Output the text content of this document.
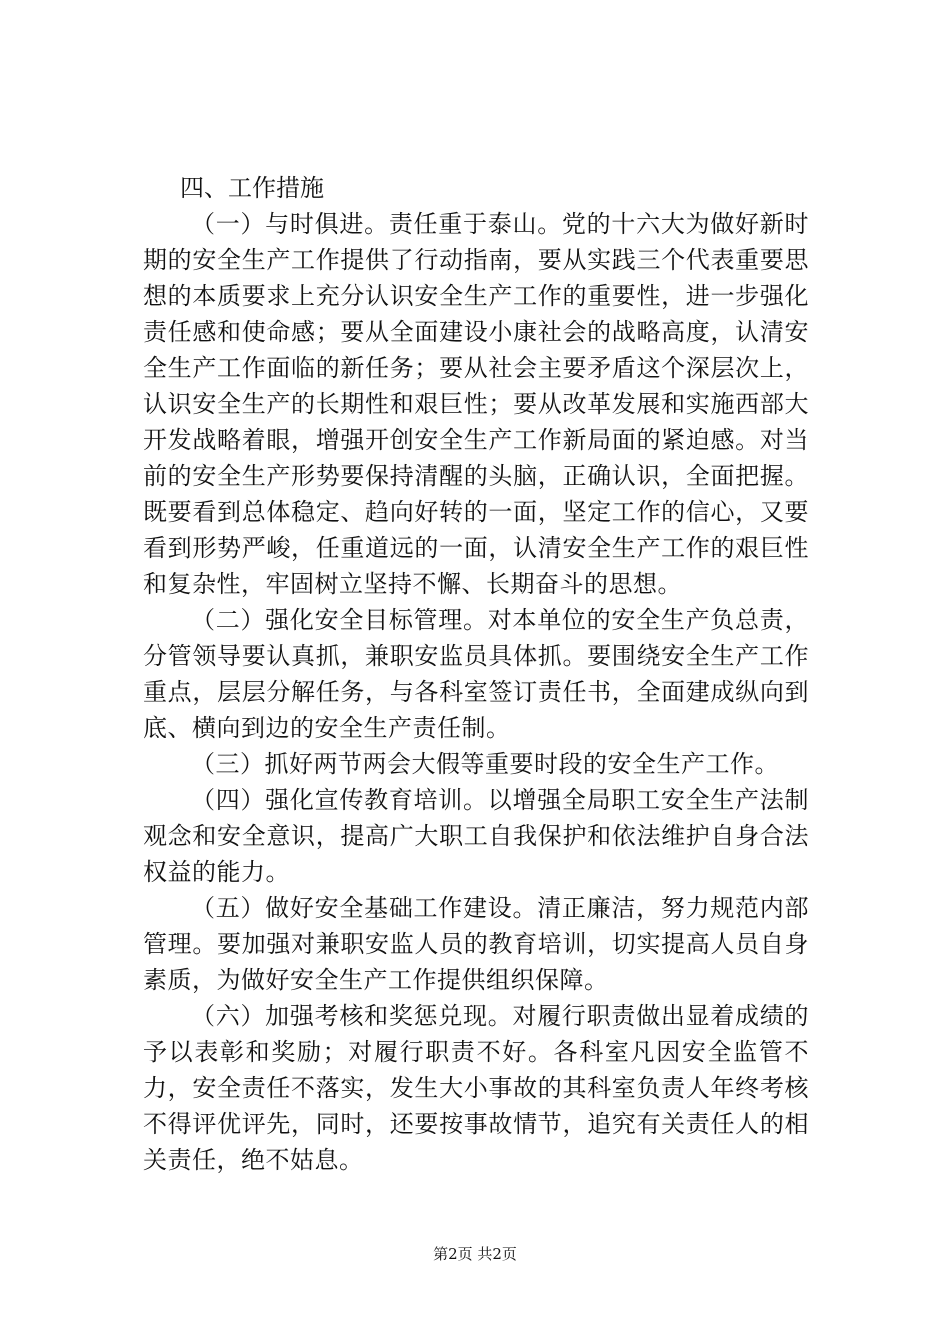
四、工作措施

（一）与时俱进。责任重于泰山。党的十六大为做好新时期的安全生产工作提供了行动指南，要从实践三个代表重要思想的本质要求上充分认识安全生产工作的重要性，进一步强化责任感和使命感；要从全面建设小康社会的战略高度，认清安全生产工作面临的新任务；要从社会主要矛盾这个深层次上，认识安全生产的长期性和艰巨性；要从改革发展和实施西部大开发战略着眼，增强开创安全生产工作新局面的紧迫感。对当前的安全生产形势要保持清醒的头脑，正确认识，全面把握。既要看到总体稳定、趋向好转的一面，坚定工作的信心，又要看到形势严峻，任重道远的一面，认清安全生产工作的艰巨性和复杂性，牢固树立坚持不懈、长期奋斗的思想。

（二）强化安全目标管理。对本单位的安全生产负总责，分管领导要认真抓，兼职安监员具体抓。要围绕安全生产工作重点，层层分解任务，与各科室签订责任书，全面建成纵向到底、横向到边的安全生产责任制。

（三）抓好两节两会大假等重要时段的安全生产工作。

（四）强化宣传教育培训。以增强全局职工安全生产法制观念和安全意识，提高广大职工自我保护和依法维护自身合法权益的能力。

（五）做好安全基础工作建设。清正廉洁，努力规范内部管理。要加强对兼职安监人员的教育培训，切实提高人员自身素质，为做好安全生产工作提供组织保障。

（六）加强考核和奖惩兑现。对履行职责做出显着成绩的予以表彰和奖励；对履行职责不好。各科室凡因安全监管不力，安全责任不落实，发生大小事故的其科室负责人年终考核不得评优评先，同时，还要按事故情节，追究有关责任人的相关责任，绝不姑息。

第2页 共2页
